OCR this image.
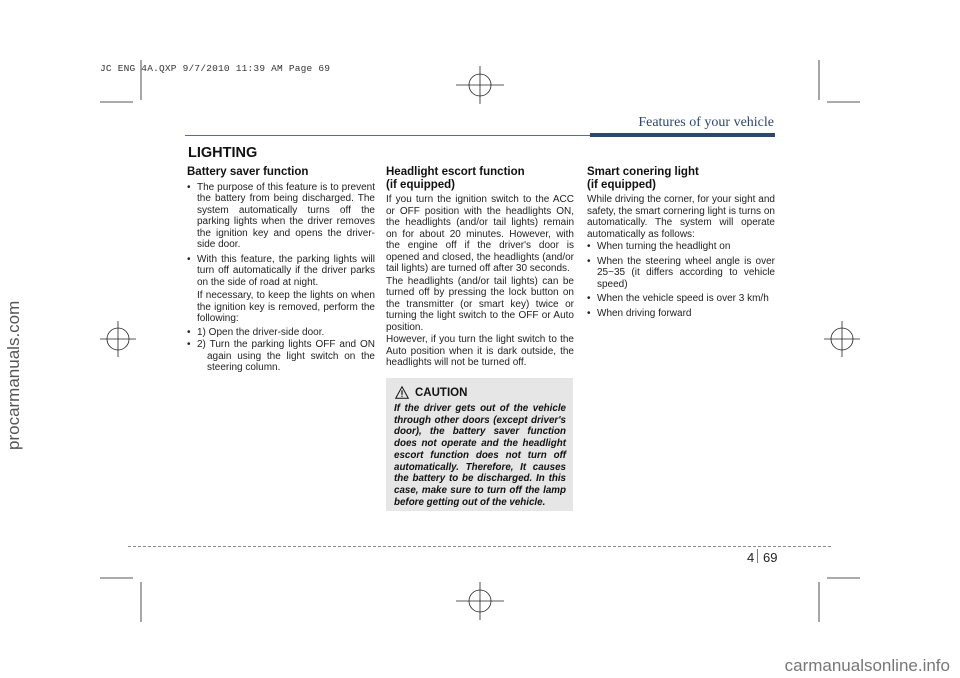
JC ENG 4A.QXP 9/7/2010 11:39 AM Page 69
procarmanuals.com
carmanualsonline.info
Features of your vehicle
LIGHTING
Battery saver function
• The purpose of this feature is to prevent the battery from being discharged. The system automatically turns off the parking lights when the driver removes the ignition key and opens the driver-side door.
• With this feature, the parking lights will turn off automatically if the driver parks on the side of road at night.
If necessary, to keep the lights on when the ignition key is removed, perform the following:
• 1) Open the driver-side door.
• 2) Turn the parking lights OFF and ON again using the light switch on the steering column.
Headlight escort function
(if equipped)

If you turn the ignition switch to the ACC or OFF position with the headlights ON, the headlights (and/or tail lights) remain on for about 20 minutes. However, with the engine off if the driver's door is opened and closed, the headlights (and/or tail lights) are turned off after 30 seconds.

The headlights (and/or tail lights) can be turned off by pressing the lock button on the transmitter (or smart key) twice or turning the light switch to the OFF or Auto position.

However, if you turn the light switch to the Auto position when it is dark outside, the headlights will not be turned off.

CAUTION
If the driver gets out of the vehicle through other doors (except driver's door), the battery saver function does not operate and the headlight escort function does not turn off automatically. Therefore, It causes the battery to be discharged. In this case, make sure to turn off the lamp before getting out of the vehicle.
Smart conering light
(if equipped)

While driving the corner, for your sight and safety, the smart cornering light is turns on automatically. The system will operate automatically as follows:

• When turning the headlight on
• When the steering wheel angle is over 25~35 (it differs according to vehicle speed)
• When the vehicle speed is over 3 km/h
• When driving forward
4 69
